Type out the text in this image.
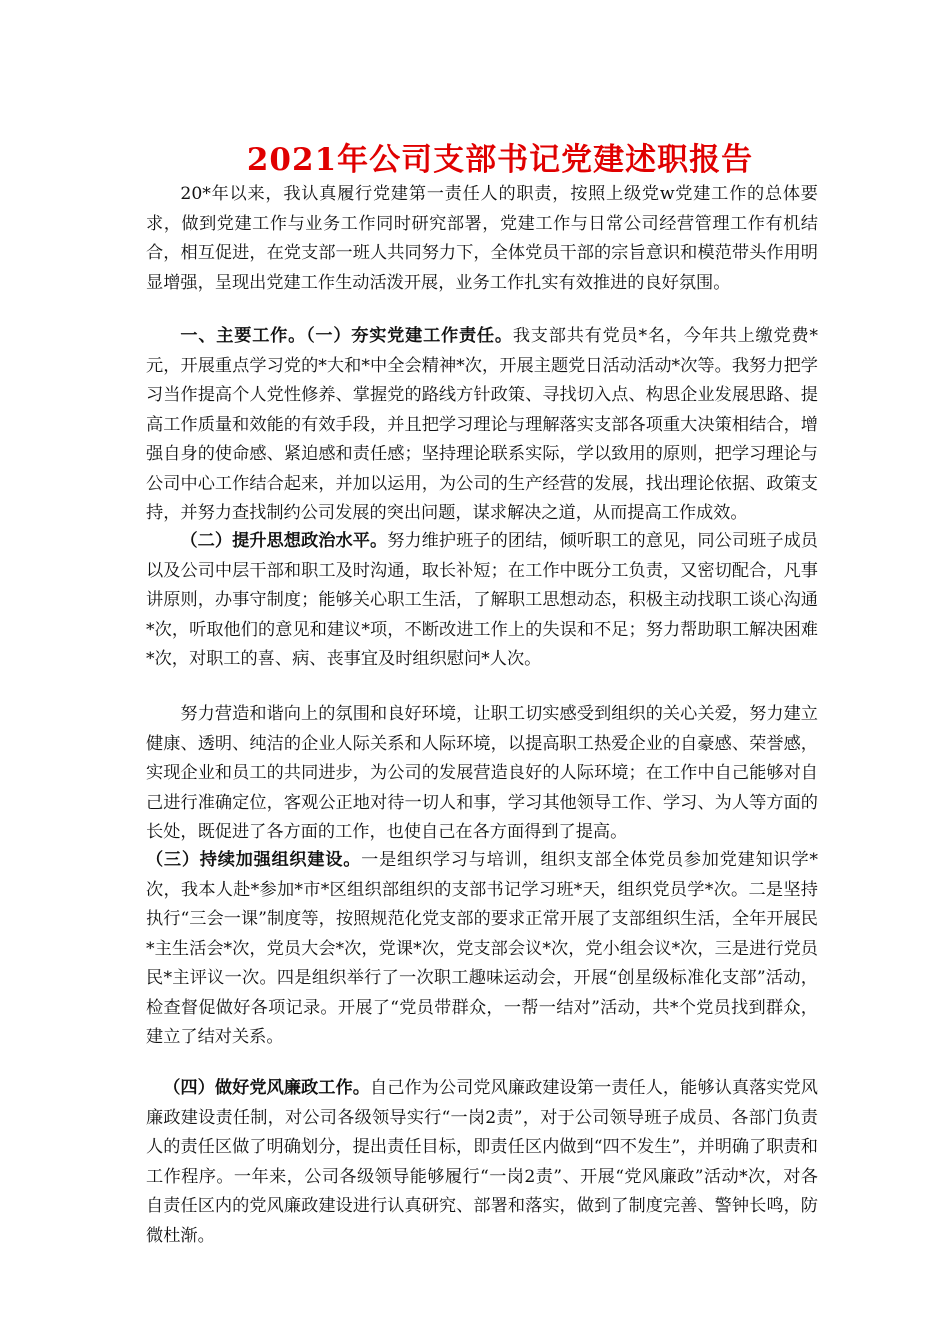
2021年公司支部书记党建述职报告

20*年以来，我认真履行党建第一责任人的职责，按照上级党w党建工作的总体要求，做到党建工作与业务工作同时研究部署，党建工作与日常公司经营管理工作有机结合，相互促进，在党支部一班人共同努力下，全体党员干部的宗旨意识和模范带头作用明显增强，呈现出党建工作生动活泼开展，业务工作扎实有效推进的良好氛围。

一、主要工作。（一）夯实党建工作责任。我支部共有党员*名，今年共上缴党费*元，开展重点学习党的*大和*中全会精神*次，开展主题党日活动活动*次等。我努力把学习当作提高个人党性修养、掌握党的路线方针政策、寻找切入点、构思企业发展思路、提高工作质量和效能的有效手段，并且把学习理论与理解落实支部各项重大决策相结合，增强自身的使命感、紧迫感和责任感；坚持理论联系实际，学以致用的原则，把学习理论与公司中心工作结合起来，并加以运用，为公司的生产经营的发展，找出理论依据、政策支持，并努力查找制约公司发展的突出问题，谋求解决之道，从而提高工作成效。

（二）提升思想政治水平。努力维护班子的团结，倾听职工的意见，同公司班子成员以及公司中层干部和职工及时沟通，取长补短；在工作中既分工负责，又密切配合，凡事讲原则，办事守制度；能够关心职工生活，了解职工思想动态，积极主动找职工谈心沟通*次，听取他们的意见和建议*项，不断改进工作上的失误和不足；努力帮助职工解决困难*次，对职工的喜、病、丧事宜及时组织慰问*人次。

努力营造和谐向上的氛围和良好环境，让职工切实感受到组织的关心关爱，努力建立健康、透明、纯洁的企业人际关系和人际环境，以提高职工热爱企业的自豪感、荣誉感，实现企业和员工的共同进步，为公司的发展营造良好的人际环境；在工作中自己能够对自己进行准确定位，客观公正地对待一切人和事，学习其他领导工作、学习、为人等方面的长处，既促进了各方面的工作，也使自己在各方面得到了提高。

（三）持续加强组织建设。一是组织学习与培训，组织支部全体党员参加党建知识学*次，我本人赴*参加*市*区组织部组织的支部书记学习班*天，组织党员学*次。二是坚持执行“三会一课”制度等，按照规范化党支部的要求正常开展了支部组织生活，全年开展民*主生活会*次，党员大会*次，党课*次，党支部会议*次，党小组会议*次，三是进行党员民*主评议一次。四是组织举行了一次职工趣味运动会，开展“创星级标准化支部”活动，检查督促做好各项记录。开展了“党员带群众，一帮一结对”活动，共*个党员找到群众，建立了结对关系。

（四）做好党风廉政工作。自己作为公司党风廉政建设第一责任人，能够认真落实党风廉政建设责任制，对公司各级领导实行“一岗2责”，对于公司领导班子成员、各部门负责人的责任区做了明确划分，提出责任目标，即责任区内做到“四不发生”，并明确了职责和工作程序。一年来，公司各级领导能够履行“一岗2责”、开展“党风廉政”活动*次，对各自责任区内的党风廉政建设进行认真研究、部署和落实，做到了制度完善、警钟长鸣，防微杜渐。
